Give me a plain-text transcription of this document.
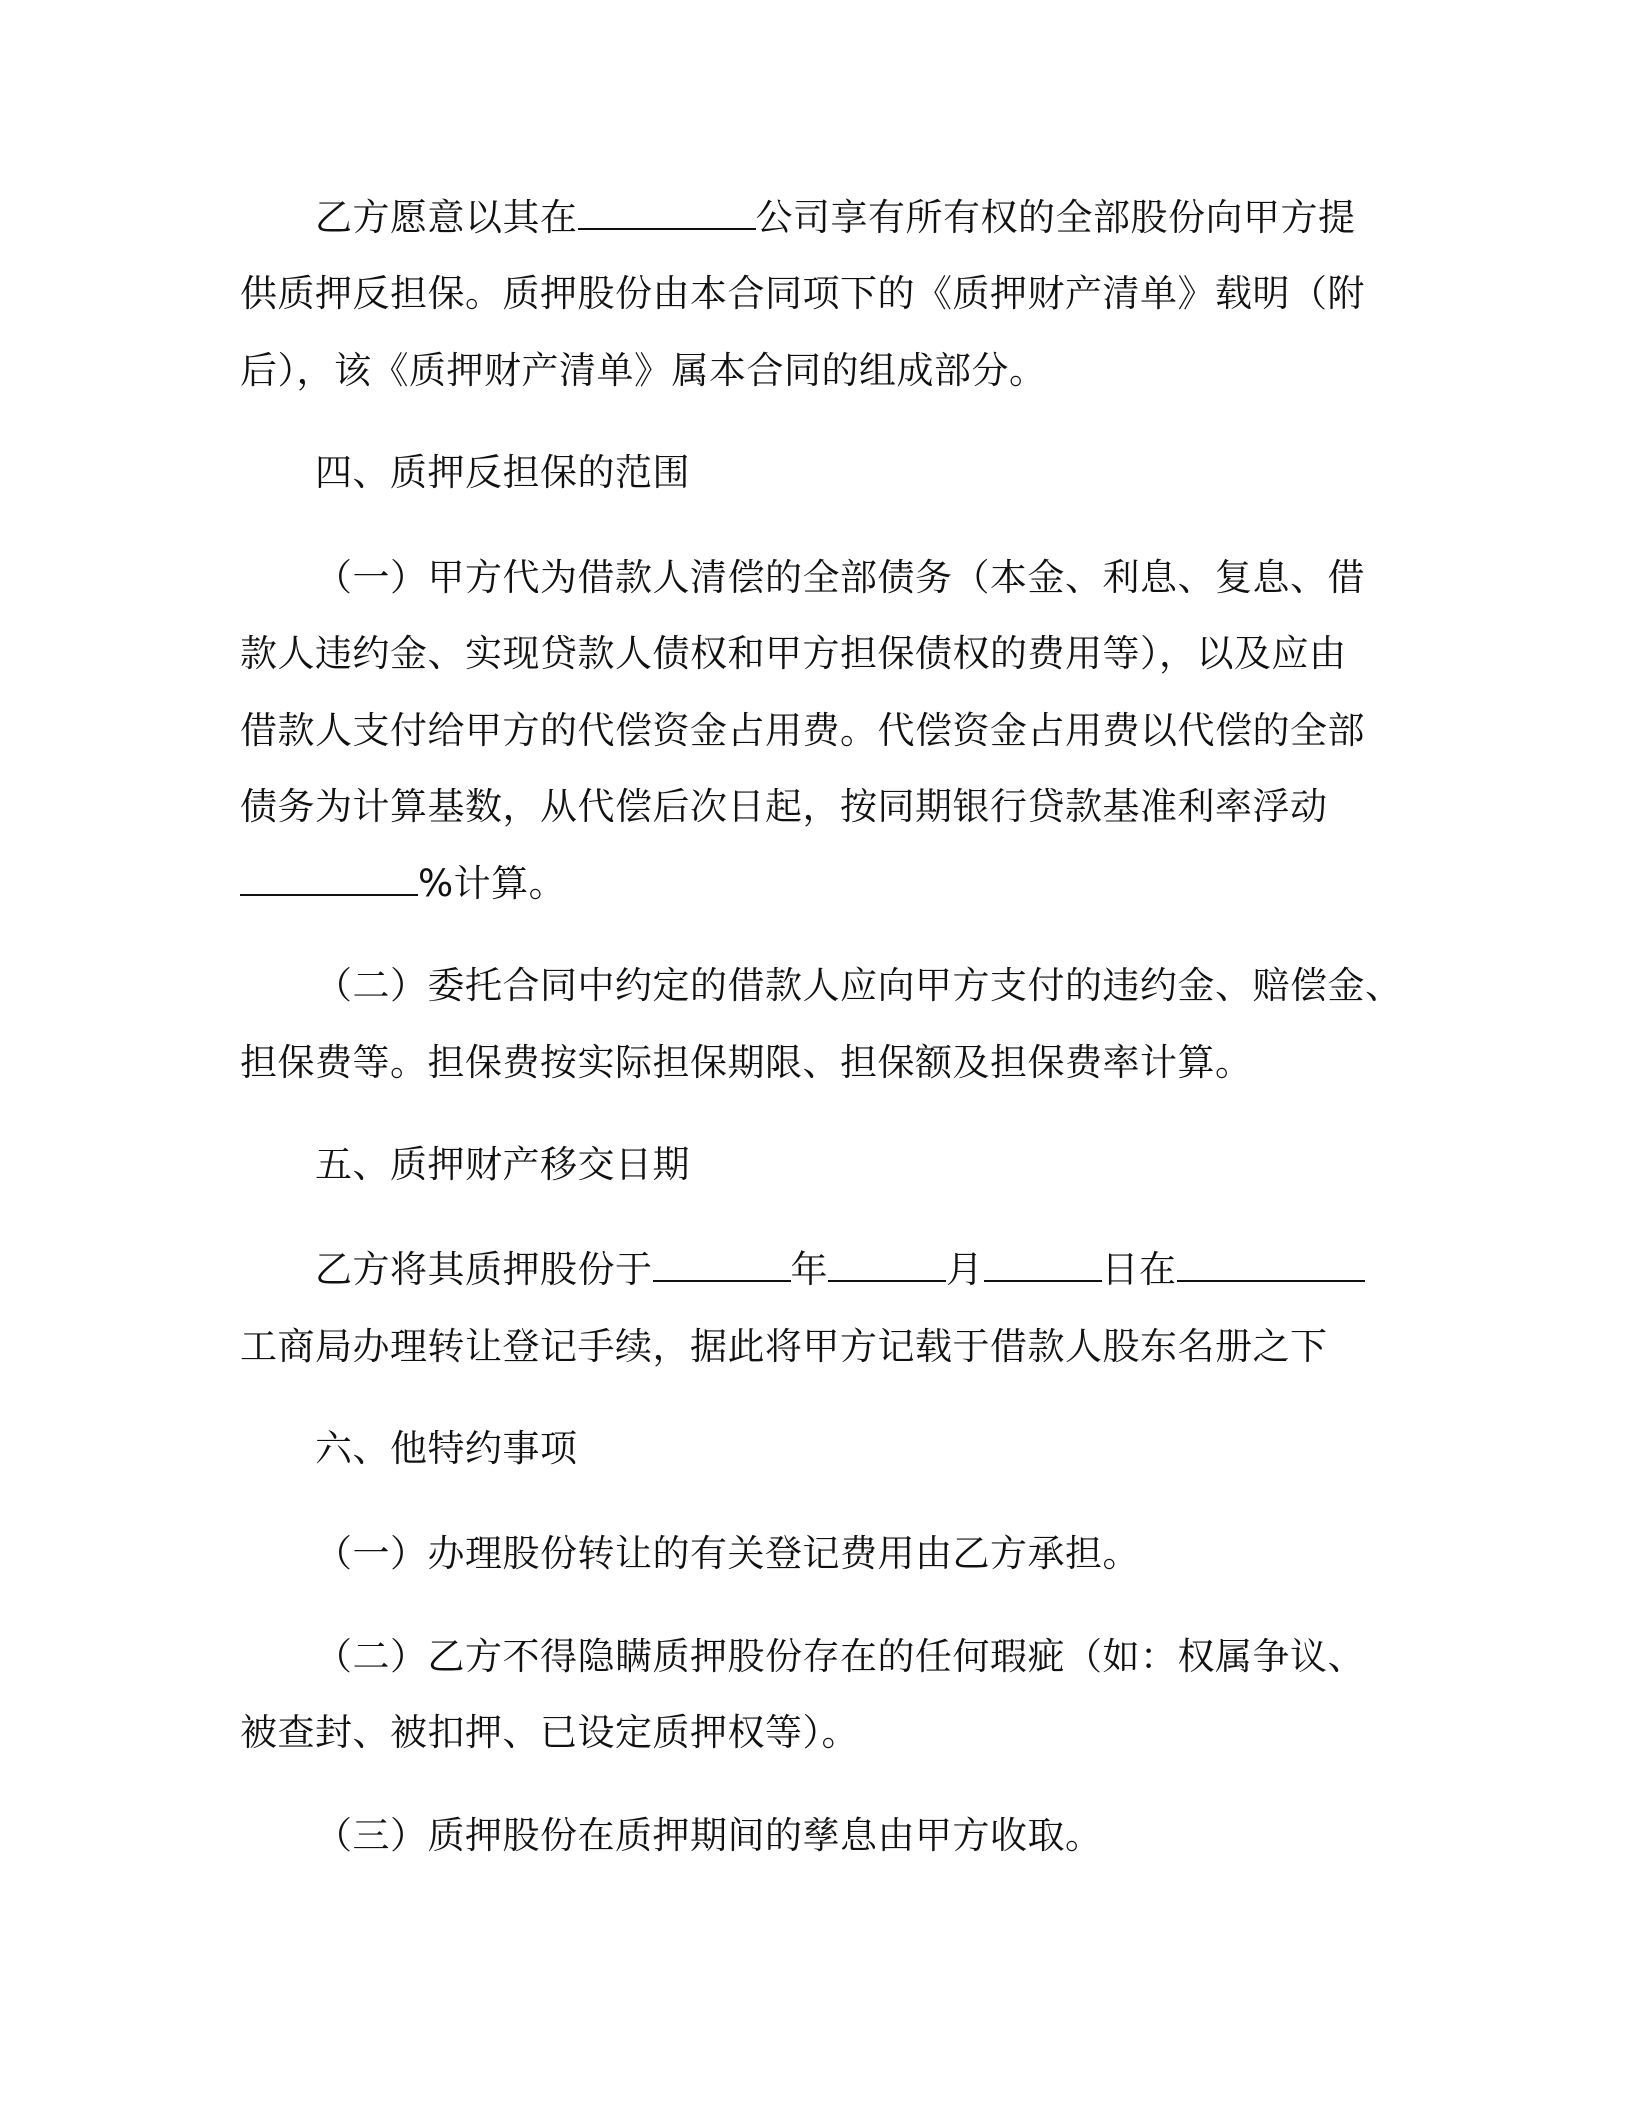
乙方愿意以其在	公司享有所有权的全部股份向甲方提
供质押反担保。质押股份由本合同项下的《质押财产清单》载明（附
后），该《质押财产清单》属本合同的组成部分。
四、质押反担保的范围
（一）甲方代为借款人清偿的全部债务（本金、利息、复息、借
款人违约金、实现贷款人债权和甲方担保债权的费用等），以及应由
借款人支付给甲方的代偿资金占用费。代偿资金占用费以代偿的全部
债务为计算基数，从代偿后次日起，按同期银行贷款基准利率浮动
%计算。
（二）委托合同中约定的借款人应向甲方支付的违约金、赔偿金、
担保费等。担保费按实际担保期限、担保额及担保费率计算。
五、质押财产移交日期
乙方将其质押股份于	年	月	日在
工商局办理转让登记手续，据此将甲方记载于借款人股东名册之下
六、他特约事项
（一）办理股份转让的有关登记费用由乙方承担。
（二）乙方不得隐瞒质押股份存在的任何瑕疵（如：权属争议、
被查封、被扣押、已设定质押权等）。
（三）质押股份在质押期间的孳息由甲方收取。
